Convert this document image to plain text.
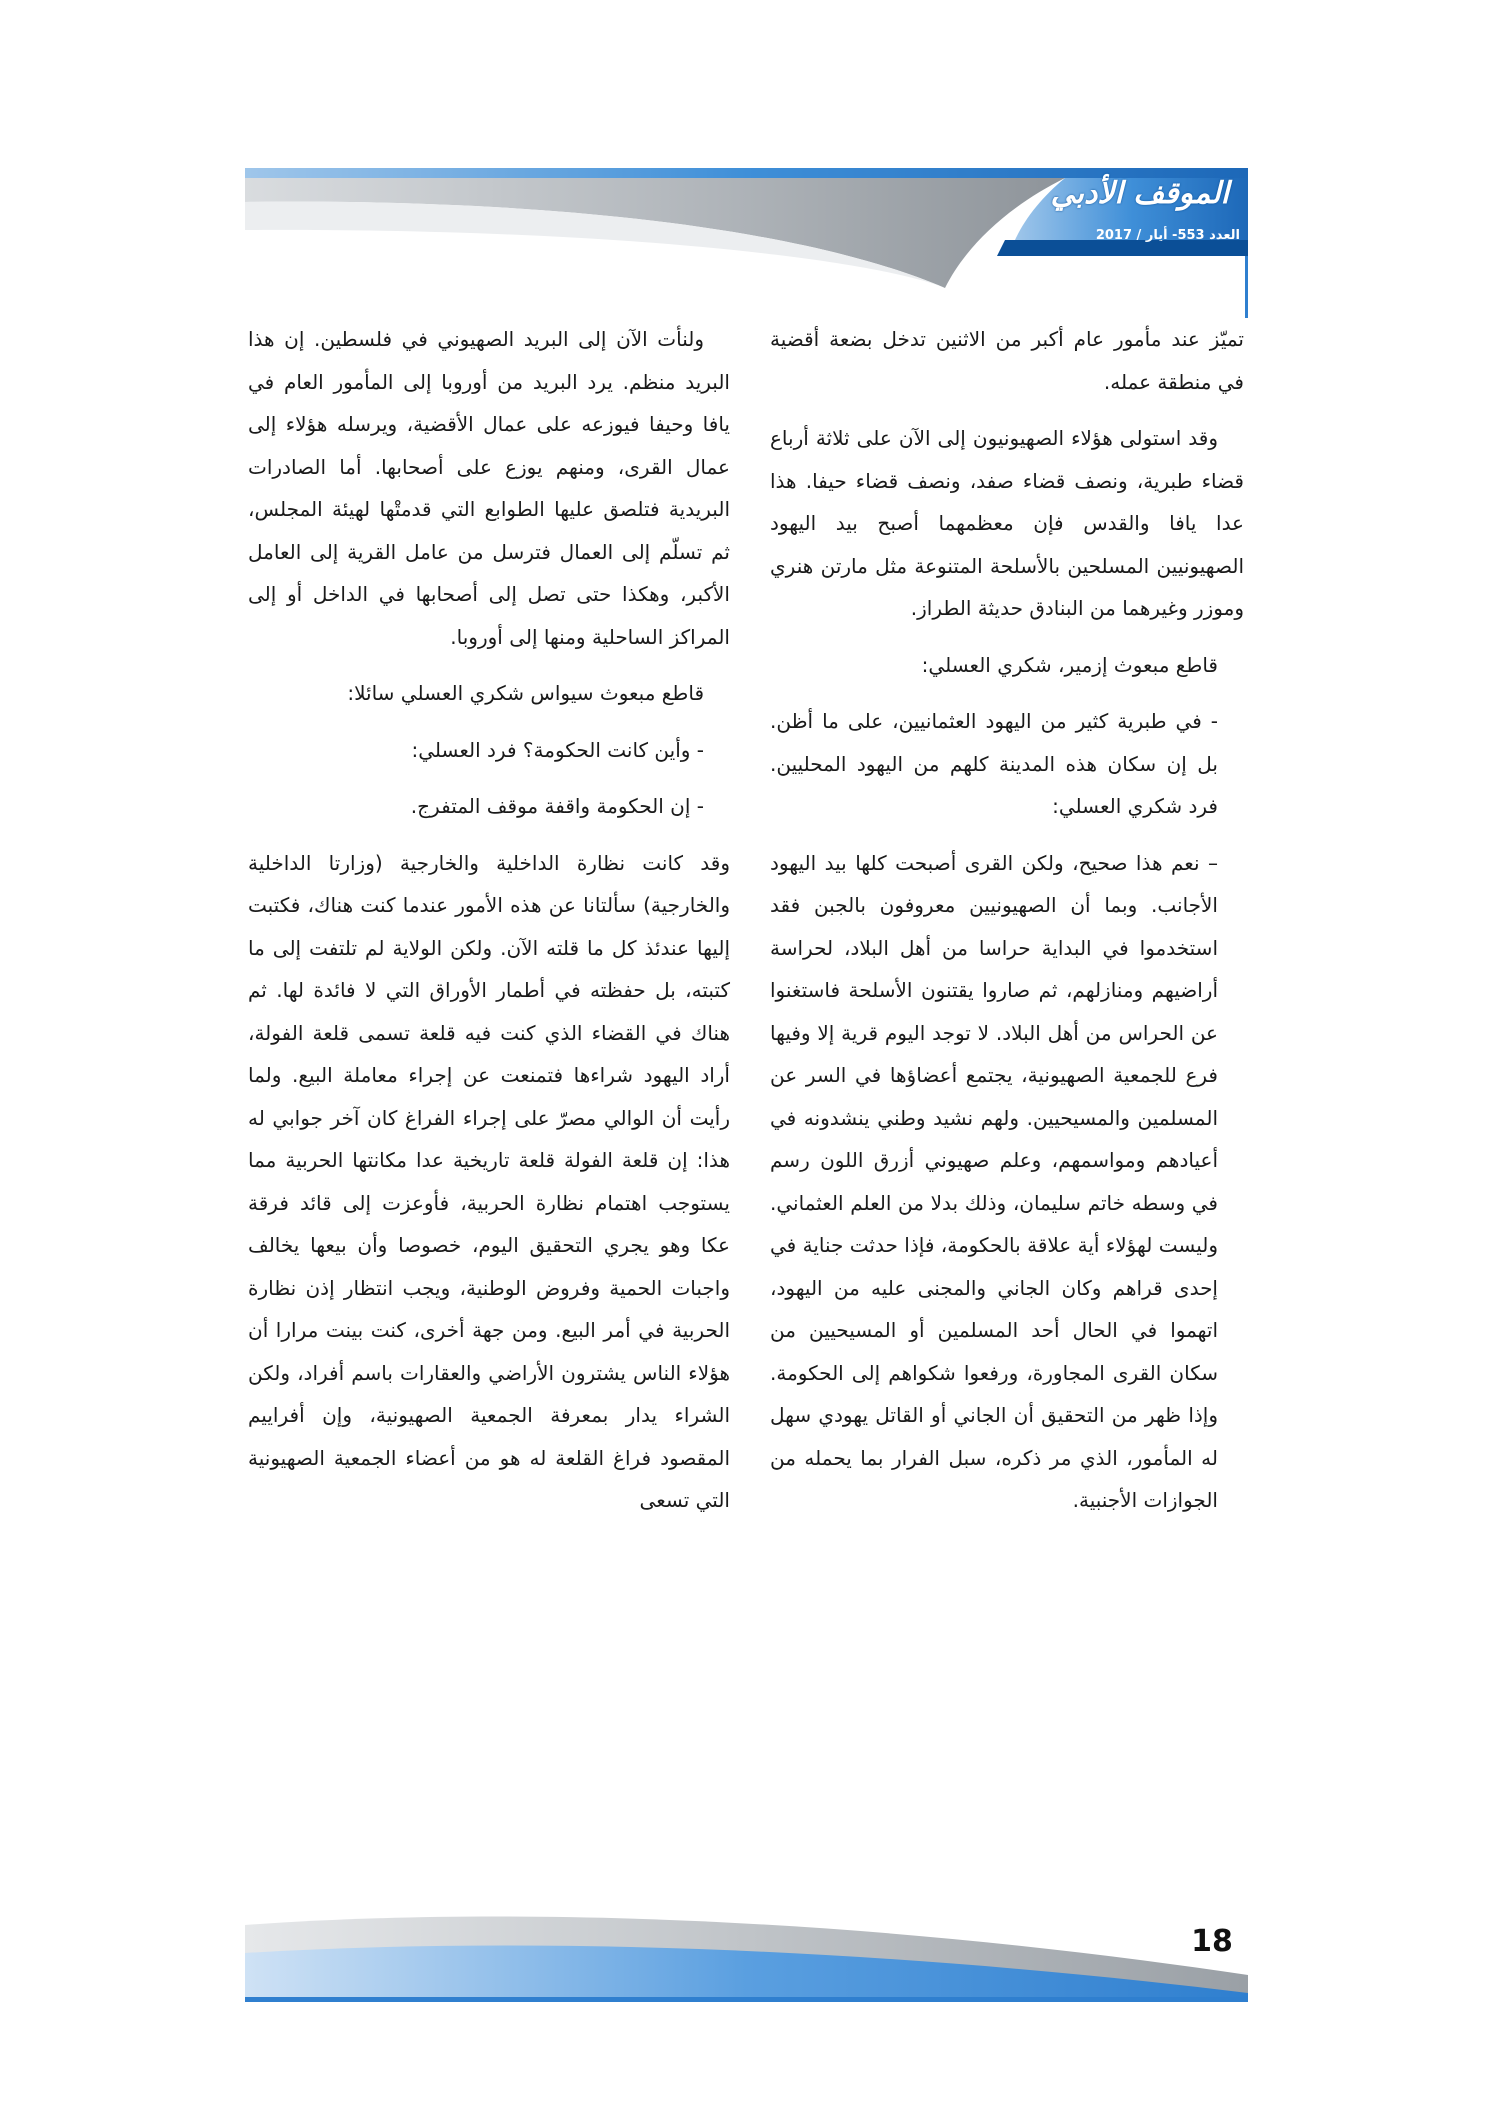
الموقف الأدبي
العدد 553- أيار / 2017

تميّز عند مأمور عام أكبر من الاثنين تدخل بضعة أقضية في منطقة عمله.

وقد استولى هؤلاء الصهيونيون إلى الآن على ثلاثة أرباع قضاء طبرية، ونصف قضاء صفد، ونصف قضاء حيفا. هذا عدا يافا والقدس فإن معظمهما أصبح بيد اليهود الصهيونيين المسلحين بالأسلحة المتنوعة مثل مارتن هنري وموزر وغيرهما من البنادق حديثة الطراز.

قاطع مبعوث إزمير، شكري العسلي:

- في طبرية كثير من اليهود العثمانيين، على ما أظن. بل إن سكان هذه المدينة كلهم من اليهود المحليين. فرد شكري العسلي:

– نعم هذا صحيح، ولكن القرى أصبحت كلها بيد اليهود الأجانب. وبما أن الصهيونيين معروفون بالجبن فقد استخدموا في البداية حراسا من أهل البلاد، لحراسة أراضيهم ومنازلهم، ثم صاروا يقتنون الأسلحة فاستغنوا عن الحراس من أهل البلاد. لا توجد اليوم قرية إلا وفيها فرع للجمعية الصهيونية، يجتمع أعضاؤها في السر عن المسلمين والمسيحيين. ولهم نشيد وطني ينشدونه في أعيادهم ومواسمهم، وعلم صهيوني أزرق اللون رسم في وسطه خاتم سليمان، وذلك بدلا من العلم العثماني. وليست لهؤلاء أية علاقة بالحكومة، فإذا حدثت جناية في إحدى قراهم وكان الجاني والمجنى عليه من اليهود، اتهموا في الحال أحد المسلمين أو المسيحيين من سكان القرى المجاورة، ورفعوا شكواهم إلى الحكومة. وإذا ظهر من التحقيق أن الجاني أو القاتل يهودي سهل له المأمور، الذي مر ذكره، سبل الفرار بما يحمله من الجوازات الأجنبية.

ولنأت الآن إلى البريد الصهيوني في فلسطين. إن هذا البريد منظم. يرد البريد من أوروبا إلى المأمور العام في يافا وحيفا فيوزعه على عمال الأقضية، ويرسله هؤلاء إلى عمال القرى، ومنهم يوزع على أصحابها. أما الصادرات البريدية فتلصق عليها الطوابع التي قدمتْها لهيئة المجلس، ثم تسلّم إلى العمال فترسل من عامل القرية إلى العامل الأكبر، وهكذا حتى تصل إلى أصحابها في الداخل أو إلى المراكز الساحلية ومنها إلى أوروبا.

قاطع مبعوث سيواس شكري العسلي سائلا:

- وأين كانت الحكومة؟ فرد العسلي:

- إن الحكومة واقفة موقف المتفرج.

وقد كانت نظارة الداخلية والخارجية (وزارتا الداخلية والخارجية) سألتانا عن هذه الأمور عندما كنت هناك، فكتبت إليها عندئذ كل ما قلته الآن. ولكن الولاية لم تلتفت إلى ما كتبته، بل حفظته في أطمار الأوراق التي لا فائدة لها. ثم هناك في القضاء الذي كنت فيه قلعة تسمى قلعة الفولة، أراد اليهود شراءها فتمنعت عن إجراء معاملة البيع. ولما رأيت أن الوالي مصرّ على إجراء الفراغ كان آخر جوابي له هذا: إن قلعة الفولة قلعة تاريخية عدا مكانتها الحربية مما يستوجب اهتمام نظارة الحربية، فأوعزت إلى قائد فرقة عكا وهو يجري التحقيق اليوم، خصوصا وأن بيعها يخالف واجبات الحمية وفروض الوطنية، ويجب انتظار إذن نظارة الحربية في أمر البيع. ومن جهة أخرى، كنت بينت مرارا أن هؤلاء الناس يشترون الأراضي والعقارات باسم أفراد، ولكن الشراء يدار بمعرفة الجمعية الصهيونية، وإن أفراييم المقصود فراغ القلعة له هو من أعضاء الجمعية الصهيونية التي تسعى

18
